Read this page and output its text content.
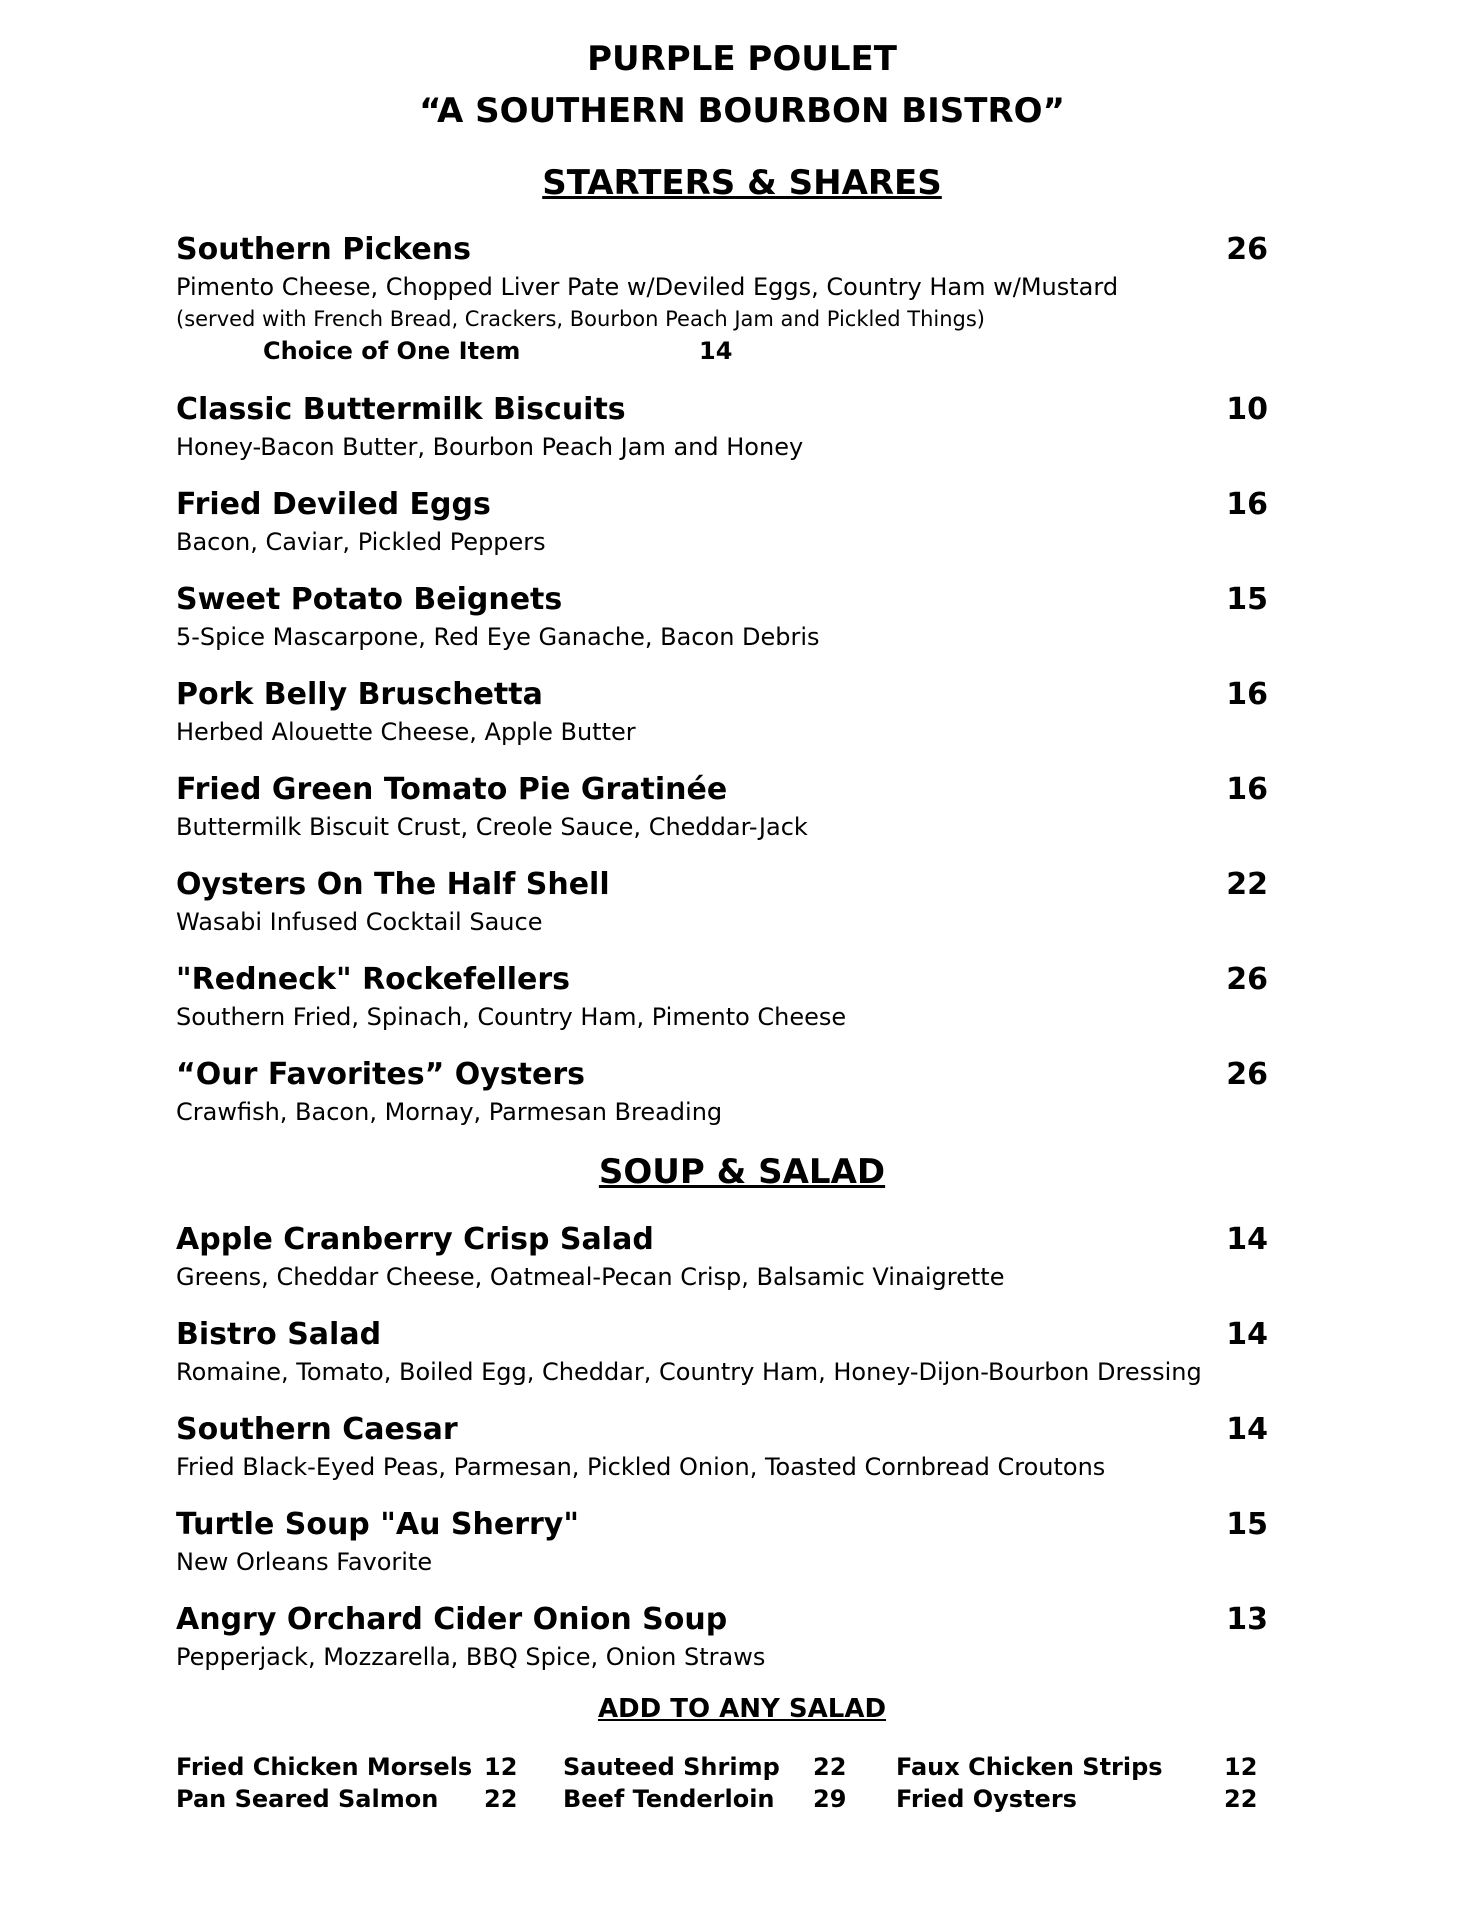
PURPLE POULET
“A SOUTHERN BOURBON BISTRO”
STARTERS & SHARES
Southern Pickens	26
Pimento Cheese, Chopped Liver Pate w/Deviled Eggs, Country Ham w/Mustard
(served with French Bread, Crackers, Bourbon Peach Jam and Pickled Things)
Choice of One Item	14
Classic Buttermilk Biscuits	10
Honey-Bacon Butter, Bourbon Peach Jam and Honey
Fried Deviled Eggs	16
Bacon, Caviar, Pickled Peppers
Sweet Potato Beignets	15
5-Spice Mascarpone, Red Eye Ganache, Bacon Debris
Pork Belly Bruschetta	16
Herbed Alouette Cheese, Apple Butter
Fried Green Tomato Pie Gratinée	16
Buttermilk Biscuit Crust, Creole Sauce, Cheddar-Jack
Oysters On The Half Shell	22
Wasabi Infused Cocktail Sauce
"Redneck" Rockefellers	26
Southern Fried, Spinach, Country Ham, Pimento Cheese
“Our Favorites” Oysters	26
Crawfish, Bacon, Mornay, Parmesan Breading
SOUP & SALAD
Apple Cranberry Crisp Salad	14
Greens, Cheddar Cheese, Oatmeal-Pecan Crisp, Balsamic Vinaigrette
Bistro Salad	14
Romaine, Tomato, Boiled Egg, Cheddar, Country Ham, Honey-Dijon-Bourbon Dressing
Southern Caesar	14
Fried Black-Eyed Peas, Parmesan, Pickled Onion, Toasted Cornbread Croutons
Turtle Soup "Au Sherry"	15
New Orleans Favorite
Angry Orchard Cider Onion Soup	13
Pepperjack, Mozzarella, BBQ Spice, Onion Straws
ADD TO ANY SALAD
Fried Chicken Morsels 12 Sauteed Shrimp 22 Faux Chicken Strips	12
Pan Seared Salmon 22 Beef Tenderloin 29 Fried Oysters	22
